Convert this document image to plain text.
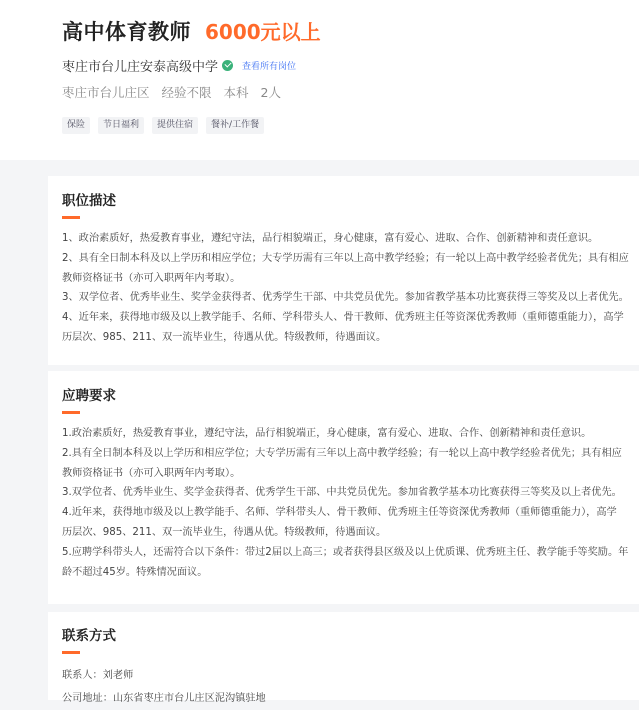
高中体育教师 6000元以上
枣庄市台儿庄安泰高级中学	查看所有岗位
枣庄市台儿庄区 经验不限 本科 2人
保险	节日福利	提供住宿	餐补/工作餐
职位描述
1、政治素质好，热爱教育事业，遵纪守法，品行相貌端正，身心健康，富有爱心、进取、合作、创新精神和责任意识。
2、具有全日制本科及以上学历和相应学位；大专学历需有三年以上高中教学经验；有一轮以上高中教学经验者优先；具有相应
教师资格证书（亦可入职两年内考取）。
3、双学位者、优秀毕业生、奖学金获得者、优秀学生干部、中共党员优先。参加省教学基本功比赛获得三等奖及以上者优先。
4、近年来，获得地市级及以上教学能手、名师、学科带头人、骨干教师、优秀班主任等资深优秀教师（重师德重能力），高学
历层次、985、211、双一流毕业生，待遇从优。特级教师，待遇面议。
应聘要求
1.政治素质好，热爱教育事业，遵纪守法，品行相貌端正，身心健康，富有爱心、进取、合作、创新精神和责任意识。
2.具有全日制本科及以上学历和相应学位；大专学历需有三年以上高中教学经验；有一轮以上高中教学经验者优先；具有相应
教师资格证书（亦可入职两年内考取）。
3.双学位者、优秀毕业生、奖学金获得者、优秀学生干部、中共党员优先。参加省教学基本功比赛获得三等奖及以上者优先。
4.近年来，获得地市级及以上教学能手、名师、学科带头人、骨干教师、优秀班主任等资深优秀教师（重师德重能力），高学
历层次、985、211、双一流毕业生，待遇从优。特级教师，待遇面议。
5.应聘学科带头人，还需符合以下条件：带过2届以上高三；或者获得县区级及以上优质课、优秀班主任、教学能手等奖励。年
龄不超过45岁。特殊情况面议。
联系方式
联系人：刘老师
公司地址：山东省枣庄市台儿庄区泥沟镇驻地
